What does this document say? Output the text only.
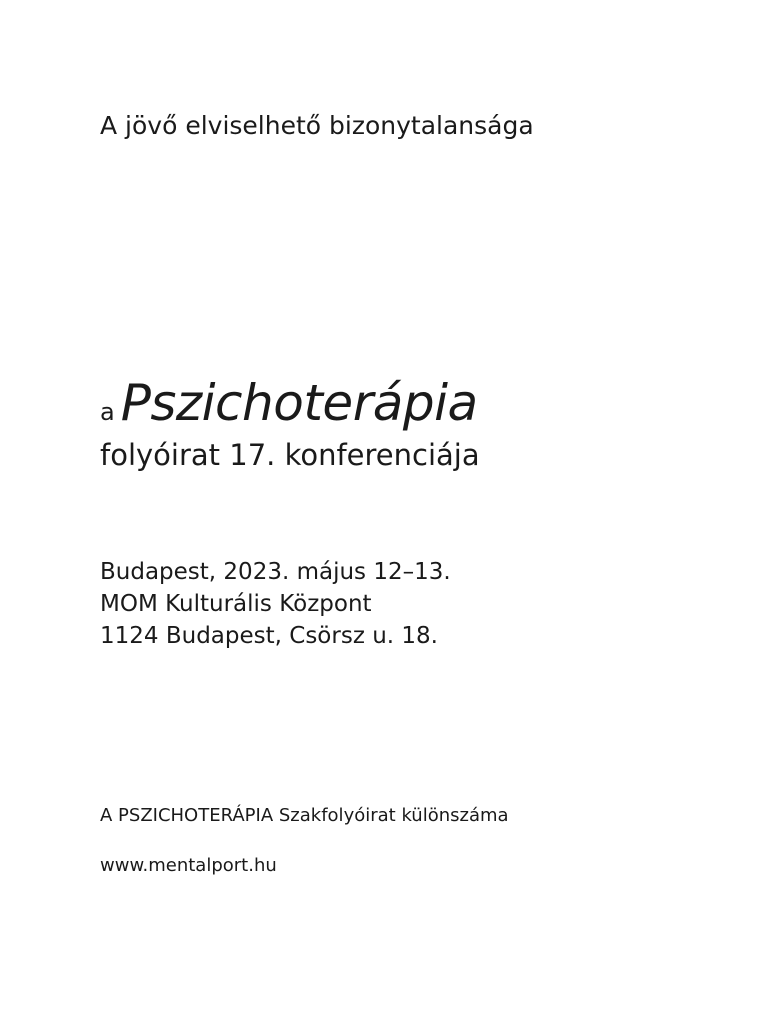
A jövő elviselhető bizonytalansága
a Pszichoterápia
folyóirat 17. konferenciája
Budapest, 2023. május 12–13.
MOM Kulturális Központ
1124 Budapest, Csörsz u. 18.
A PSZICHOTERÁPIA Szakfolyóirat különszáma
www.mentalport.hu
